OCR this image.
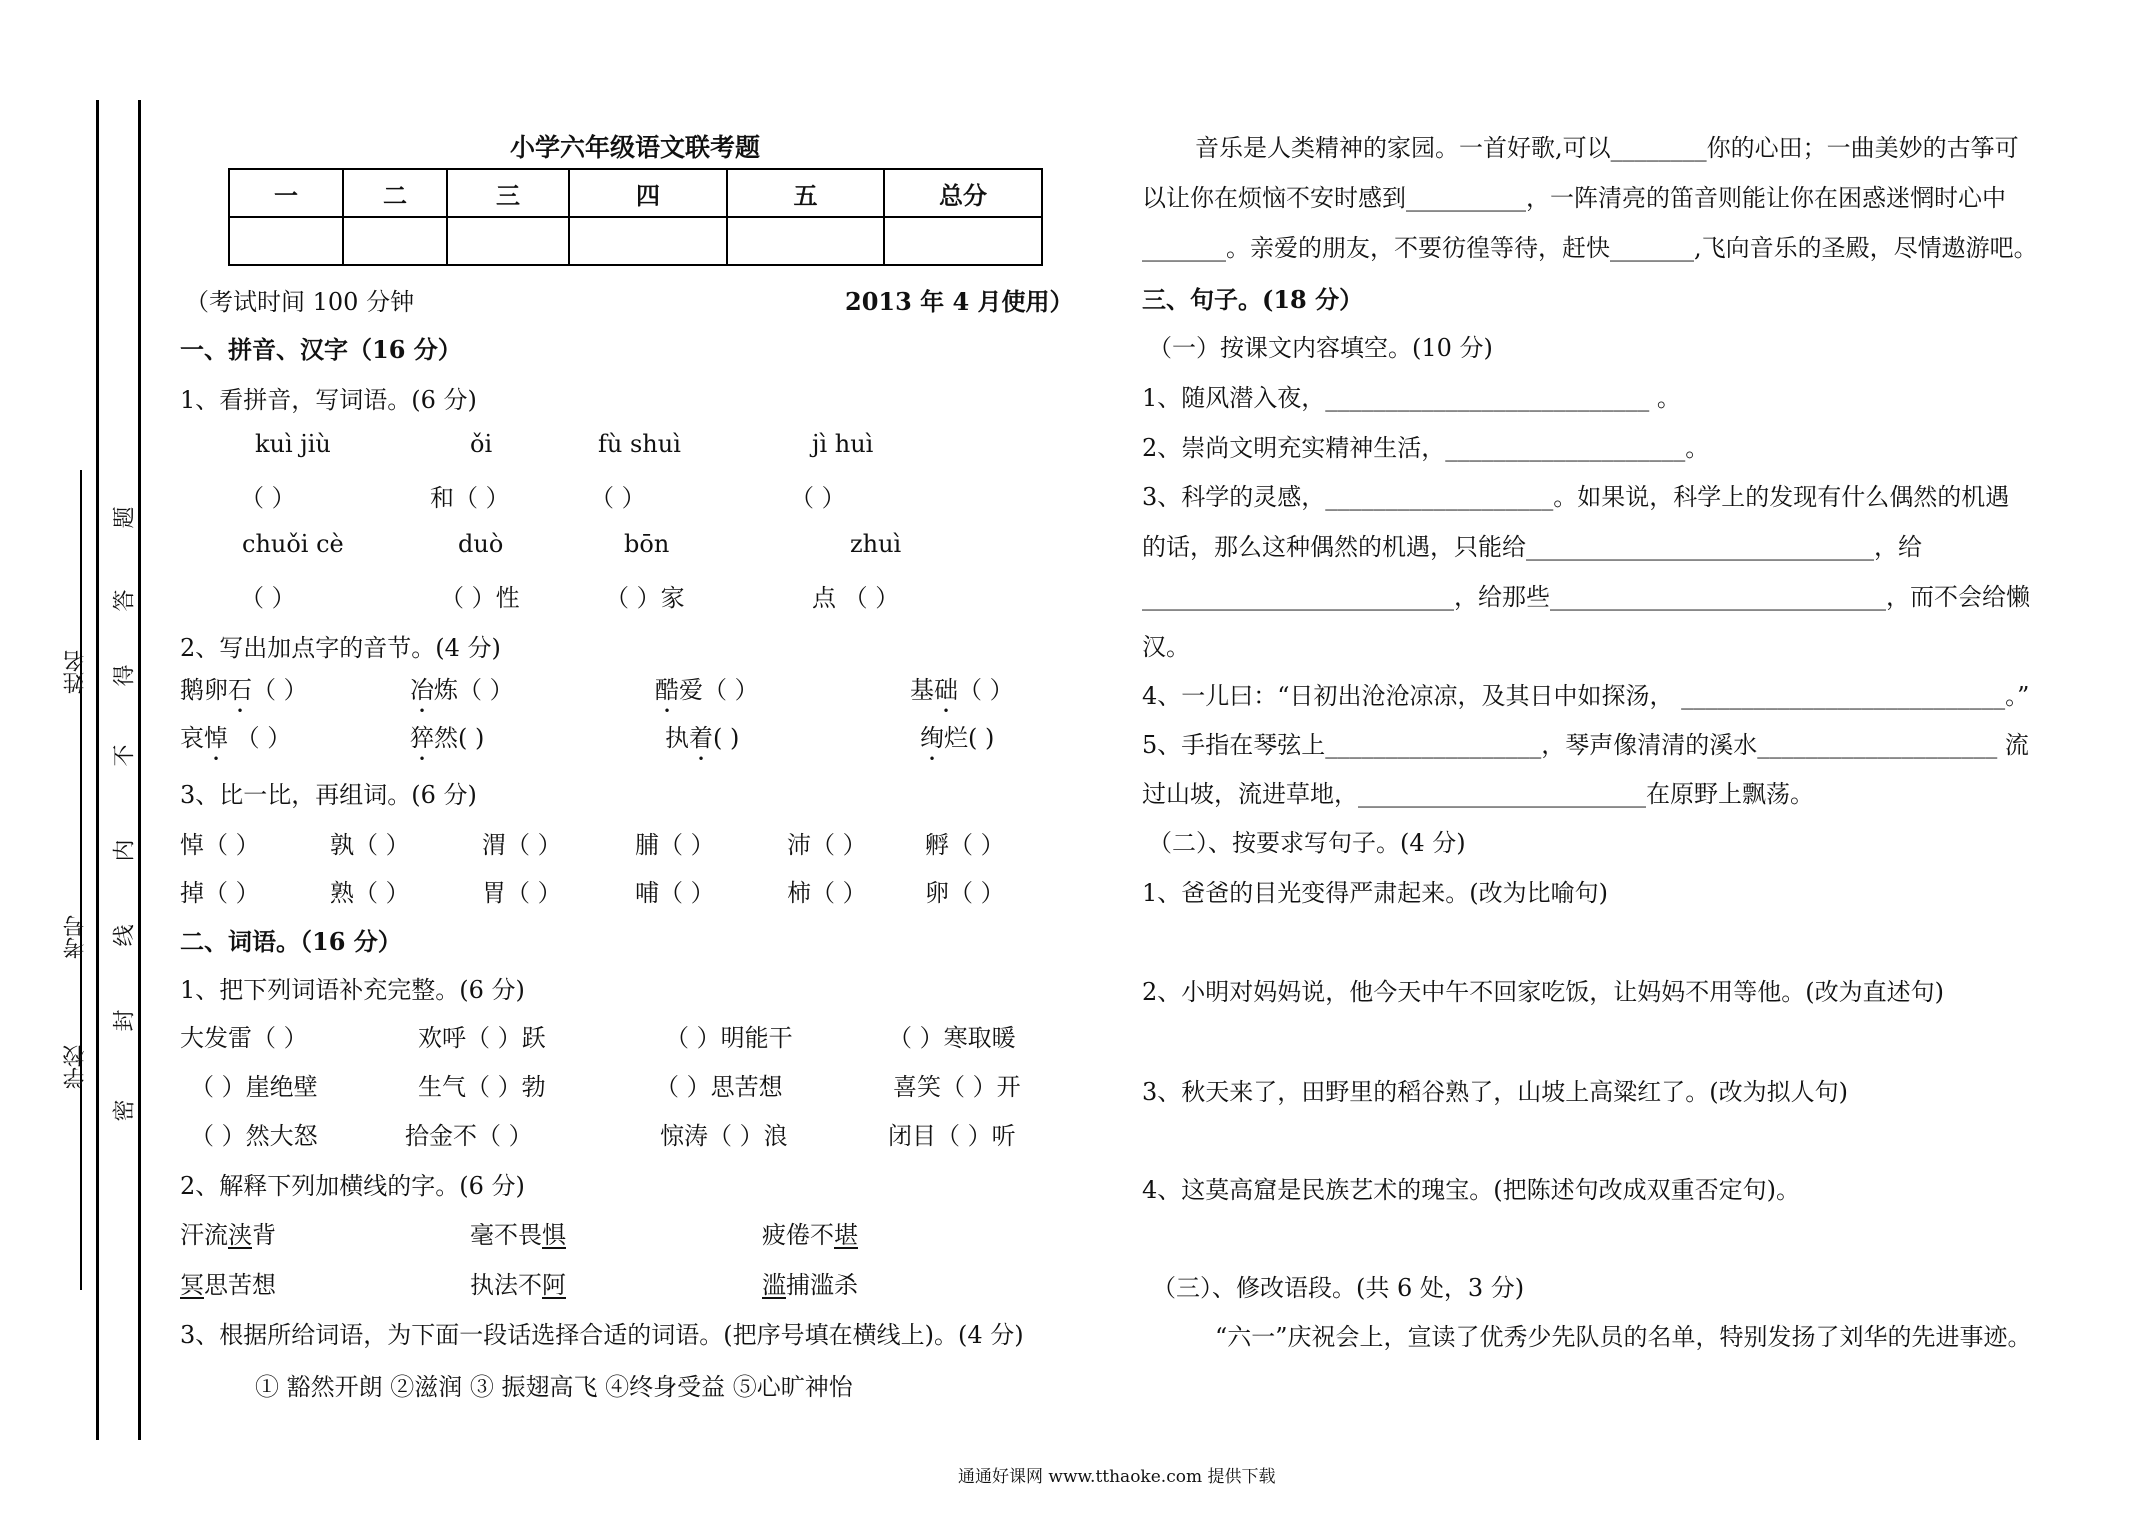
姓名
考号
学校
题
答
得
不
内
线
封
密
小学六年级语文联考题
一	二	三	四	五	总分

（考试时间 100 分钟	2013 年 4 月使用）
一、拼音、汉字（16 分）
1、看拼音，写词语。(6 分)
kuì jiù	ǒi	fù shuì	jì huì
（ ）	和（ ）	（ ）	（ ）
chuǒi cè	duò	bōn	zhuì
（ ）	（ ）性	（ ）家	点 （ ）
2、写出加点字的音节。(4 分)
鹅卵石（ ）	冶炼（ ）	酷爱（ ）	基础（ ）
哀悼 （ ）	猝然( )	执着( )	绚烂( )
3、比一比，再组词。(6 分)
悼（ ）	孰（ ）	渭（ ）	脯（ ）	沛（ ） 孵（ ）
掉（ ）	熟（ ）	胃（ ）	哺（ ）	柿（ ） 卵（ ）
二、词语。（16 分）
1、把下列词语补充完整。(6 分)
大发雷（ ）	欢呼（ ）跃	（ ）明能干	（ ）寒取暖
（ ）崖绝壁	生气（ ）勃	（ ）思苦想	喜笑（ ）开
（ ）然大怒	拾金不（ ）	惊涛（ ）浪	闭目（ ）听
2、解释下列加横线的字。(6 分)
汗流浃背	毫不畏惧	疲倦不堪
冥思苦想	执法不阿	滥捕滥杀
3、根据所给词语，为下面一段话选择合适的词语。(把序号填在横线上)。(4 分)
① 豁然开朗 ②滋润 ③ 振翅高飞 ④终身受益 ⑤心旷神怡
音乐是人类精神的家园。一首好歌,可以________你的心田；一曲美妙的古筝可
以让你在烦恼不安时感到__________，一阵清亮的笛音则能让你在困惑迷惘时心中
_______。亲爱的朋友，不要彷徨等待，赶快_______,飞向音乐的圣殿，尽情遨游吧。
三、句子。(18 分）
（一）按课文内容填空。(10 分)
1、随风潜入夜，___________________________ 。
2、崇尚文明充实精神生活，____________________。
3、科学的灵感，___________________。如果说，科学上的发现有什么偶然的机遇
的话，那么这种偶然的机遇，只能给_____________________________，给
__________________________，给那些____________________________，而不会给懒
汉。
4、一儿曰：“日初出沧沧凉凉，及其日中如探汤， ___________________________。”
5、手指在琴弦上__________________，琴声像清清的溪水____________________ 流
过山坡，流进草地，________________________在原野上飘荡。
（二）、按要求写句子。(4 分)
1、爸爸的目光变得严肃起来。(改为比喻句)
2、小明对妈妈说，他今天中午不回家吃饭，让妈妈不用等他。(改为直述句)
3、秋天来了，田野里的稻谷熟了，山坡上高粱红了。(改为拟人句)
4、这莫高窟是民族艺术的瑰宝。(把陈述句改成双重否定句)。
（三）、修改语段。(共 6 处，3 分)
“六一”庆祝会上，宣读了优秀少先队员的名单，特别发扬了刘华的先进事迹。
通通好课网 www.tthaoke.com 提供下载
